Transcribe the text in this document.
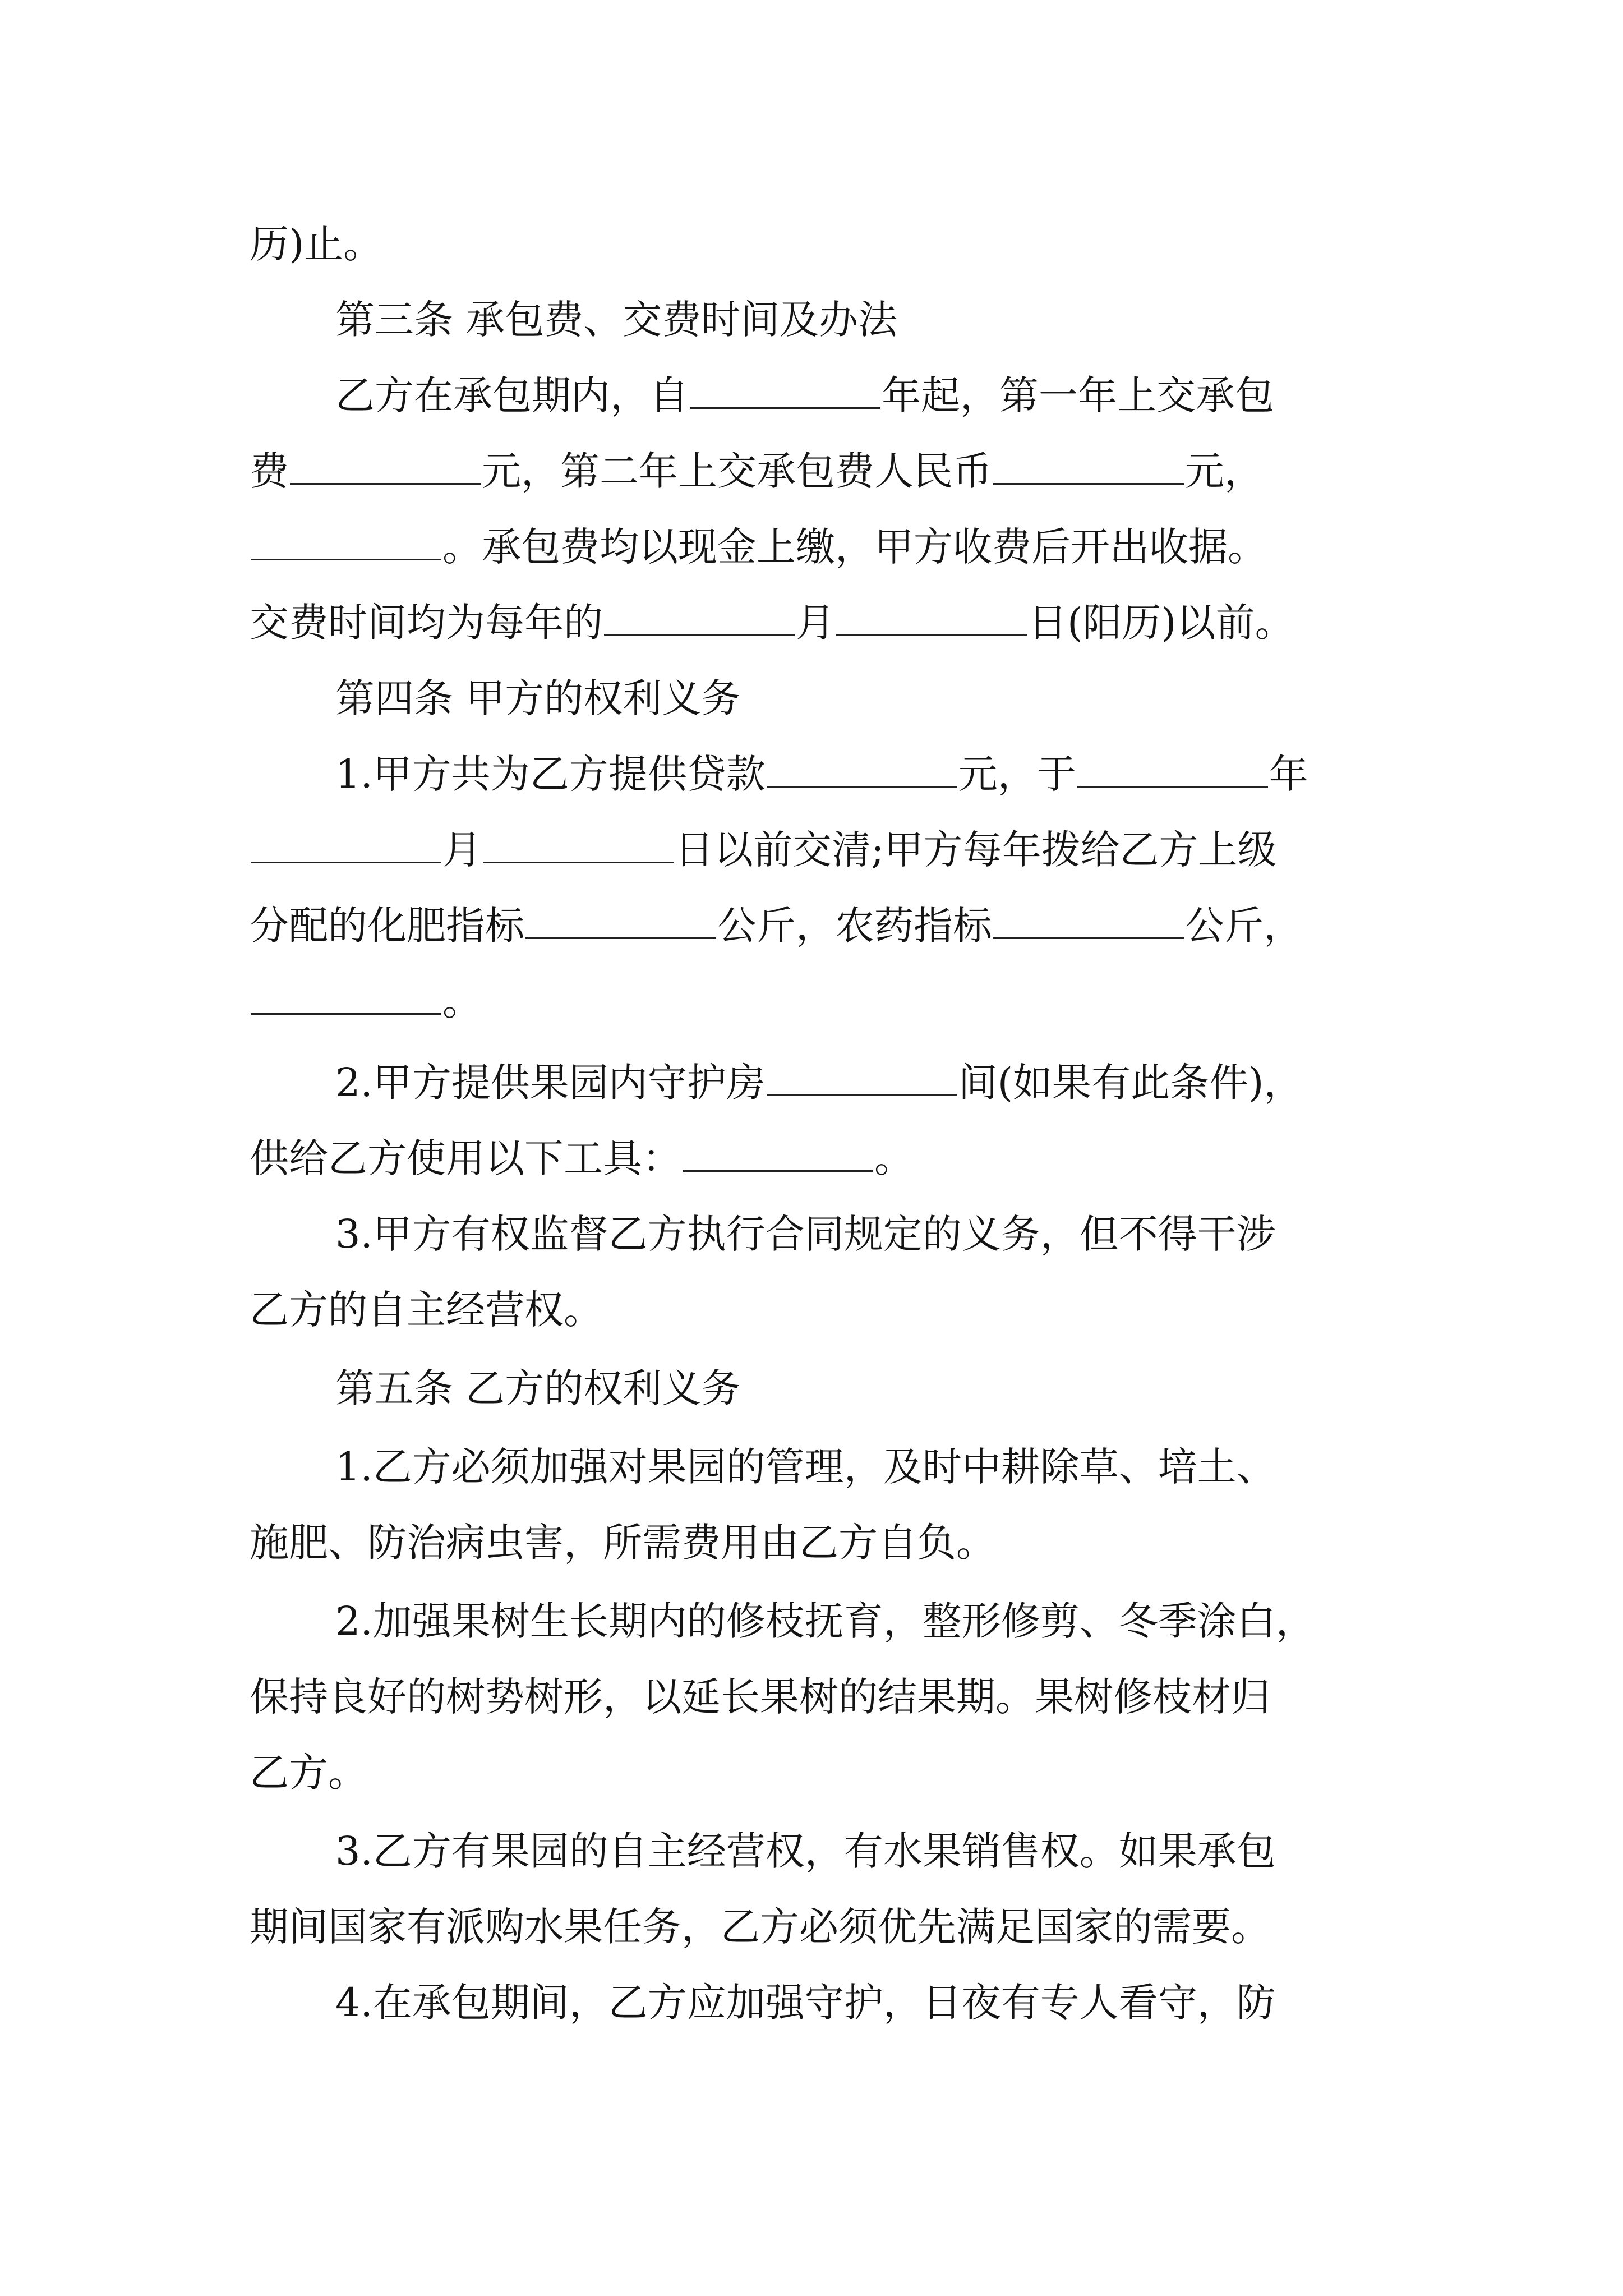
历)止。
第三条 承包费、交费时间及办法
乙方在承包期内，自	年起，第一年上交承包
费	元，第二年上交承包费人民币	元，
。承包费均以现金上缴，甲方收费后开出收据。
交费时间均为每年的	月	日(阳历)以前。
第四条 甲方的权利义务
1.甲方共为乙方提供贷款	元，于	年
月	日以前交清;甲方每年拨给乙方上级
分配的化肥指标	公斤，农药指标	公斤，
。
2.甲方提供果园内守护房	间(如果有此条件)，
供给乙方使用以下工具：	。
3.甲方有权监督乙方执行合同规定的义务，但不得干涉
乙方的自主经营权。
第五条 乙方的权利义务
1.乙方必须加强对果园的管理，及时中耕除草、培土、
施肥、防治病虫害，所需费用由乙方自负。
2.加强果树生长期内的修枝抚育，整形修剪、冬季涂白，
保持良好的树势树形，以延长果树的结果期。果树修枝材归
乙方。
3.乙方有果园的自主经营权，有水果销售权。如果承包
期间国家有派购水果任务，乙方必须优先满足国家的需要。
4.在承包期间，乙方应加强守护，日夜有专人看守，防
